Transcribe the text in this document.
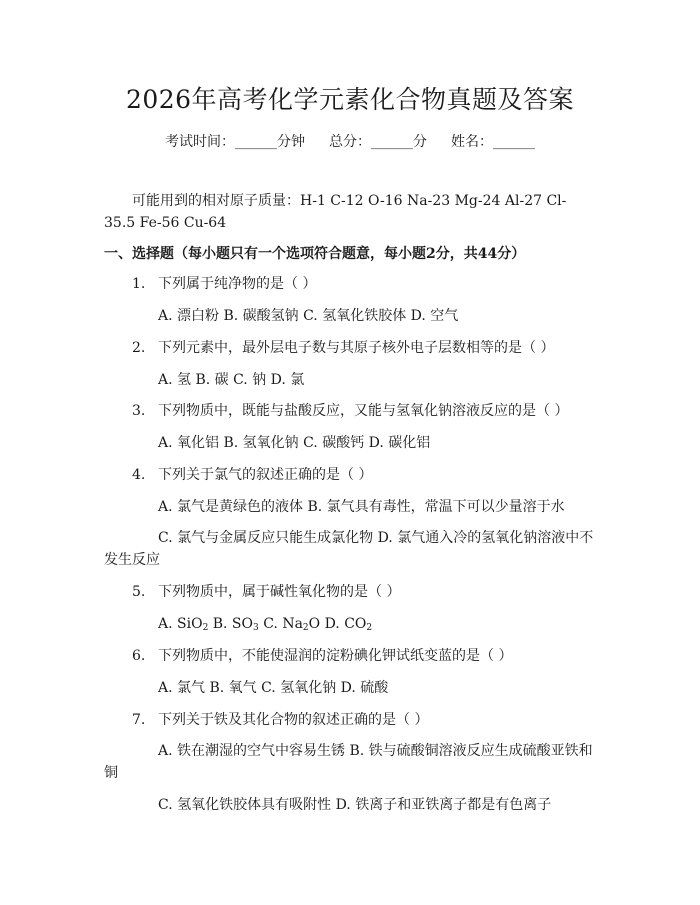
2026年高考化学元素化合物真题及答案
考试时间：______分钟 总分：______分 姓名：______

可能用到的相对原子质量：H-1 C-12 O-16 Na-23 Mg-24 Al-27 Cl-35.5 Fe-56 Cu-64

一、选择题（每小题只有一个选项符合题意，每小题2分，共44分）
1. 下列属于纯净物的是（ ）
A. 漂白粉 B. 碳酸氢钠 C. 氢氧化铁胶体 D. 空气
2. 下列元素中，最外层电子数与其原子核外电子层数相等的是（ ）
A. 氢 B. 碳 C. 钠 D. 氯
3. 下列物质中，既能与盐酸反应，又能与氢氧化钠溶液反应的是（ ）
A. 氧化铝 B. 氢氧化钠 C. 碳酸钙 D. 碳化铝
4. 下列关于氯气的叙述正确的是（ ）
A. 氯气是黄绿色的液体 B. 氯气具有毒性，常温下可以少量溶于水
C. 氯气与金属反应只能生成氯化物 D. 氯气通入冷的氢氧化钠溶液中不发生反应
5. 下列物质中，属于碱性氧化物的是（ ）
A. SiO$_2$ B. $SO_3$ C. $Na_2O$ D. $CO_2$
6. 下列物质中，不能使湿润的淀粉碘化钾试纸变蓝的是（ ）
A. 氯气 B. 氧气 C. 氢氧化钠 D. 硫酸
7. 下列关于铁及其化合物的叙述正确的是（ ）
A. 铁在潮湿的空气中容易生锈 B. 铁与硫酸铜溶液反应生成硫酸亚铁和铜
C. 氢氧化铁胶体具有吸附性 D. 铁离子和亚铁离子都是有色离子
